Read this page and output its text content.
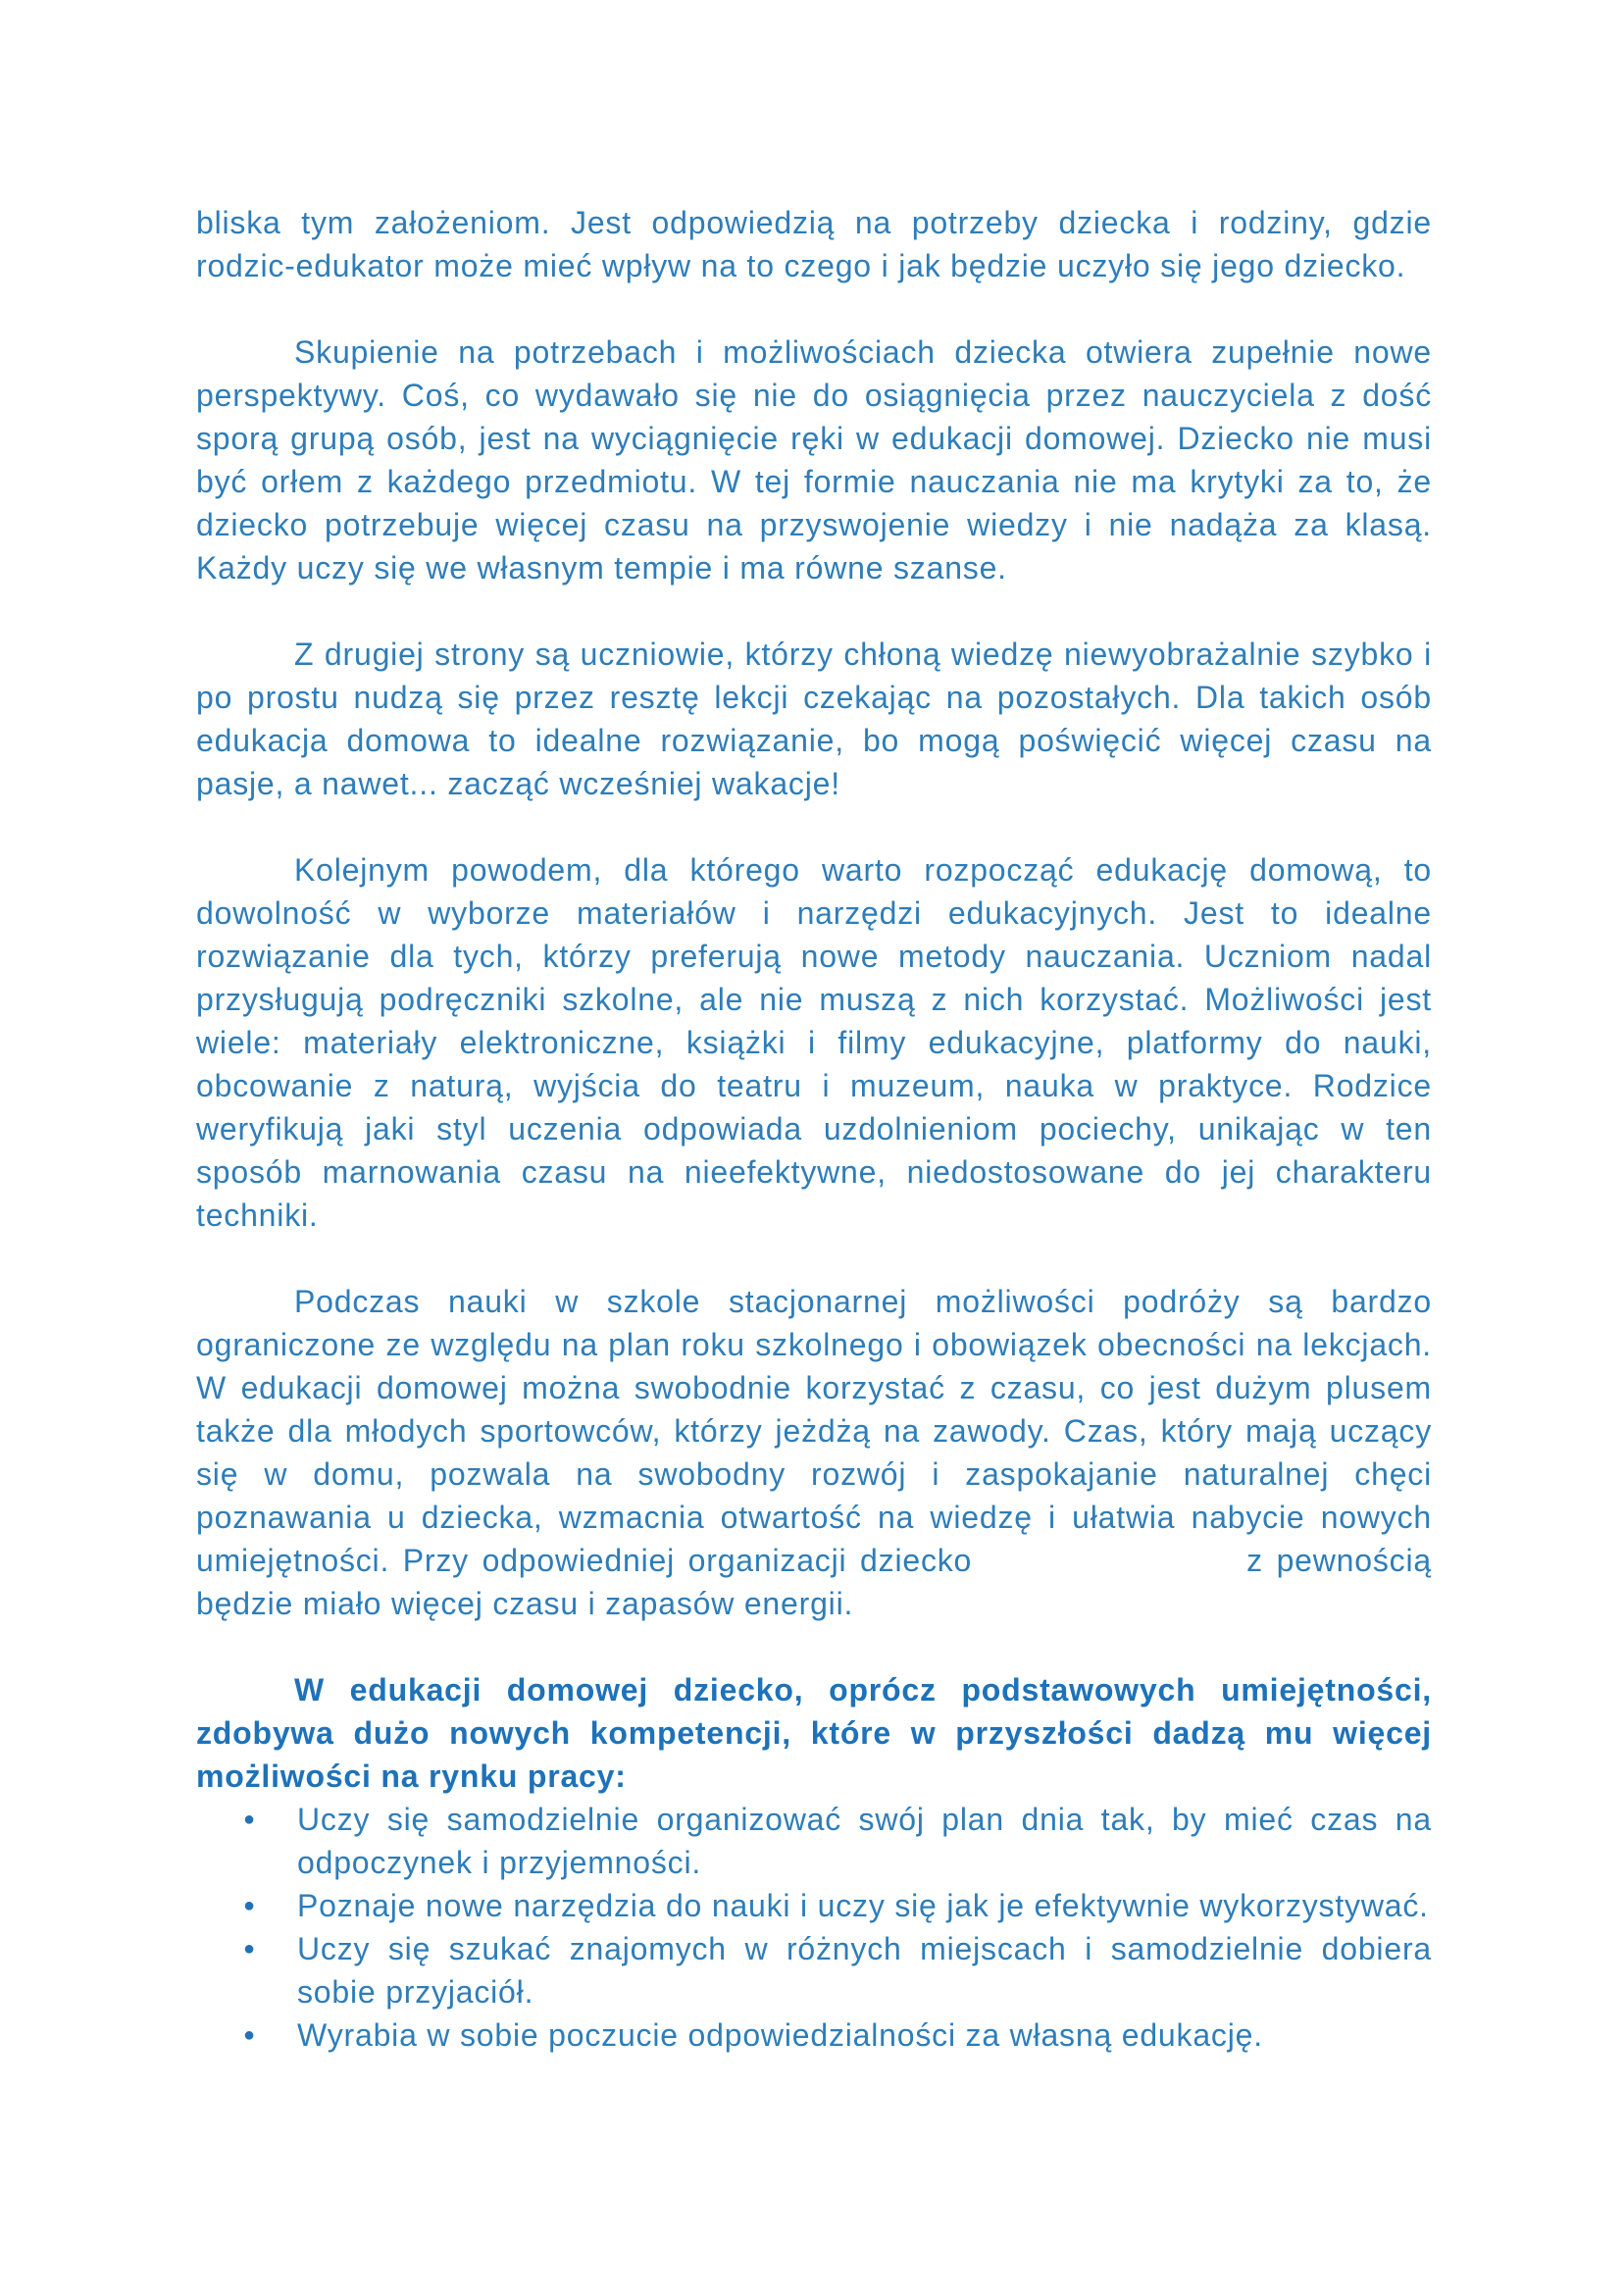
bliska tym założeniom. Jest odpowiedzią na potrzeby dziecka i rodziny, gdzie rodzic-edukator może mieć wpływ na to czego i jak będzie uczyło się jego dziecko.

Skupienie na potrzebach i możliwościach dziecka otwiera zupełnie nowe perspektywy. Coś, co wydawało się nie do osiągnięcia przez nauczyciela z dość sporą grupą osób, jest na wyciągnięcie ręki w edukacji domowej. Dziecko nie musi być orłem z każdego przedmiotu. W tej formie nauczania nie ma krytyki za to, że dziecko potrzebuje więcej czasu na przyswojenie wiedzy i nie nadąża za klasą. Każdy uczy się we własnym tempie i ma równe szanse.

Z drugiej strony są uczniowie, którzy chłoną wiedzę niewyobrażalnie szybko i po prostu nudzą się przez resztę lekcji czekając na pozostałych. Dla takich osób edukacja domowa to idealne rozwiązanie, bo mogą poświęcić więcej czasu na pasje, a nawet... zacząć wcześniej wakacje!

Kolejnym powodem, dla którego warto rozpocząć edukację domową, to dowolność w wyborze materiałów i narzędzi edukacyjnych. Jest to idealne rozwiązanie dla tych, którzy preferują nowe metody nauczania. Uczniom nadal przysługują podręczniki szkolne, ale nie muszą z nich korzystać. Możliwości jest wiele: materiały elektroniczne, książki i filmy edukacyjne, platformy do nauki, obcowanie z naturą, wyjścia do teatru i muzeum, nauka w praktyce. Rodzice weryfikują jaki styl uczenia odpowiada uzdolnieniom pociechy, unikając w ten sposób marnowania czasu na nieefektywne, niedostosowane do jej charakteru techniki.

Podczas nauki w szkole stacjonarnej możliwości podróży są bardzo ograniczone ze względu na plan roku szkolnego i obowiązek obecności na lekcjach. W edukacji domowej można swobodnie korzystać z czasu, co jest dużym plusem także dla młodych sportowców, którzy jeżdżą na zawody. Czas, który mają uczący się w domu, pozwala na swobodny rozwój i zaspokajanie naturalnej chęci poznawania u dziecka, wzmacnia otwartość na wiedzę i ułatwia nabycie nowych umiejętności. Przy odpowiedniej organizacji dziecko	z pewnością będzie miało więcej czasu i zapasów energii.

W edukacji domowej dziecko, oprócz podstawowych umiejętności, zdobywa dużo nowych kompetencji, które w przyszłości dadzą mu więcej możliwości na rynku pracy:

● Uczy się samodzielnie organizować swój plan dnia tak, by mieć czas na odpoczynek i przyjemności.
● Poznaje nowe narzędzia do nauki i uczy się jak je efektywnie wykorzystywać.
● Uczy się szukać znajomych w różnych miejscach i samodzielnie dobiera sobie przyjaciół.
● Wyrabia w sobie poczucie odpowiedzialności za własną edukację.
